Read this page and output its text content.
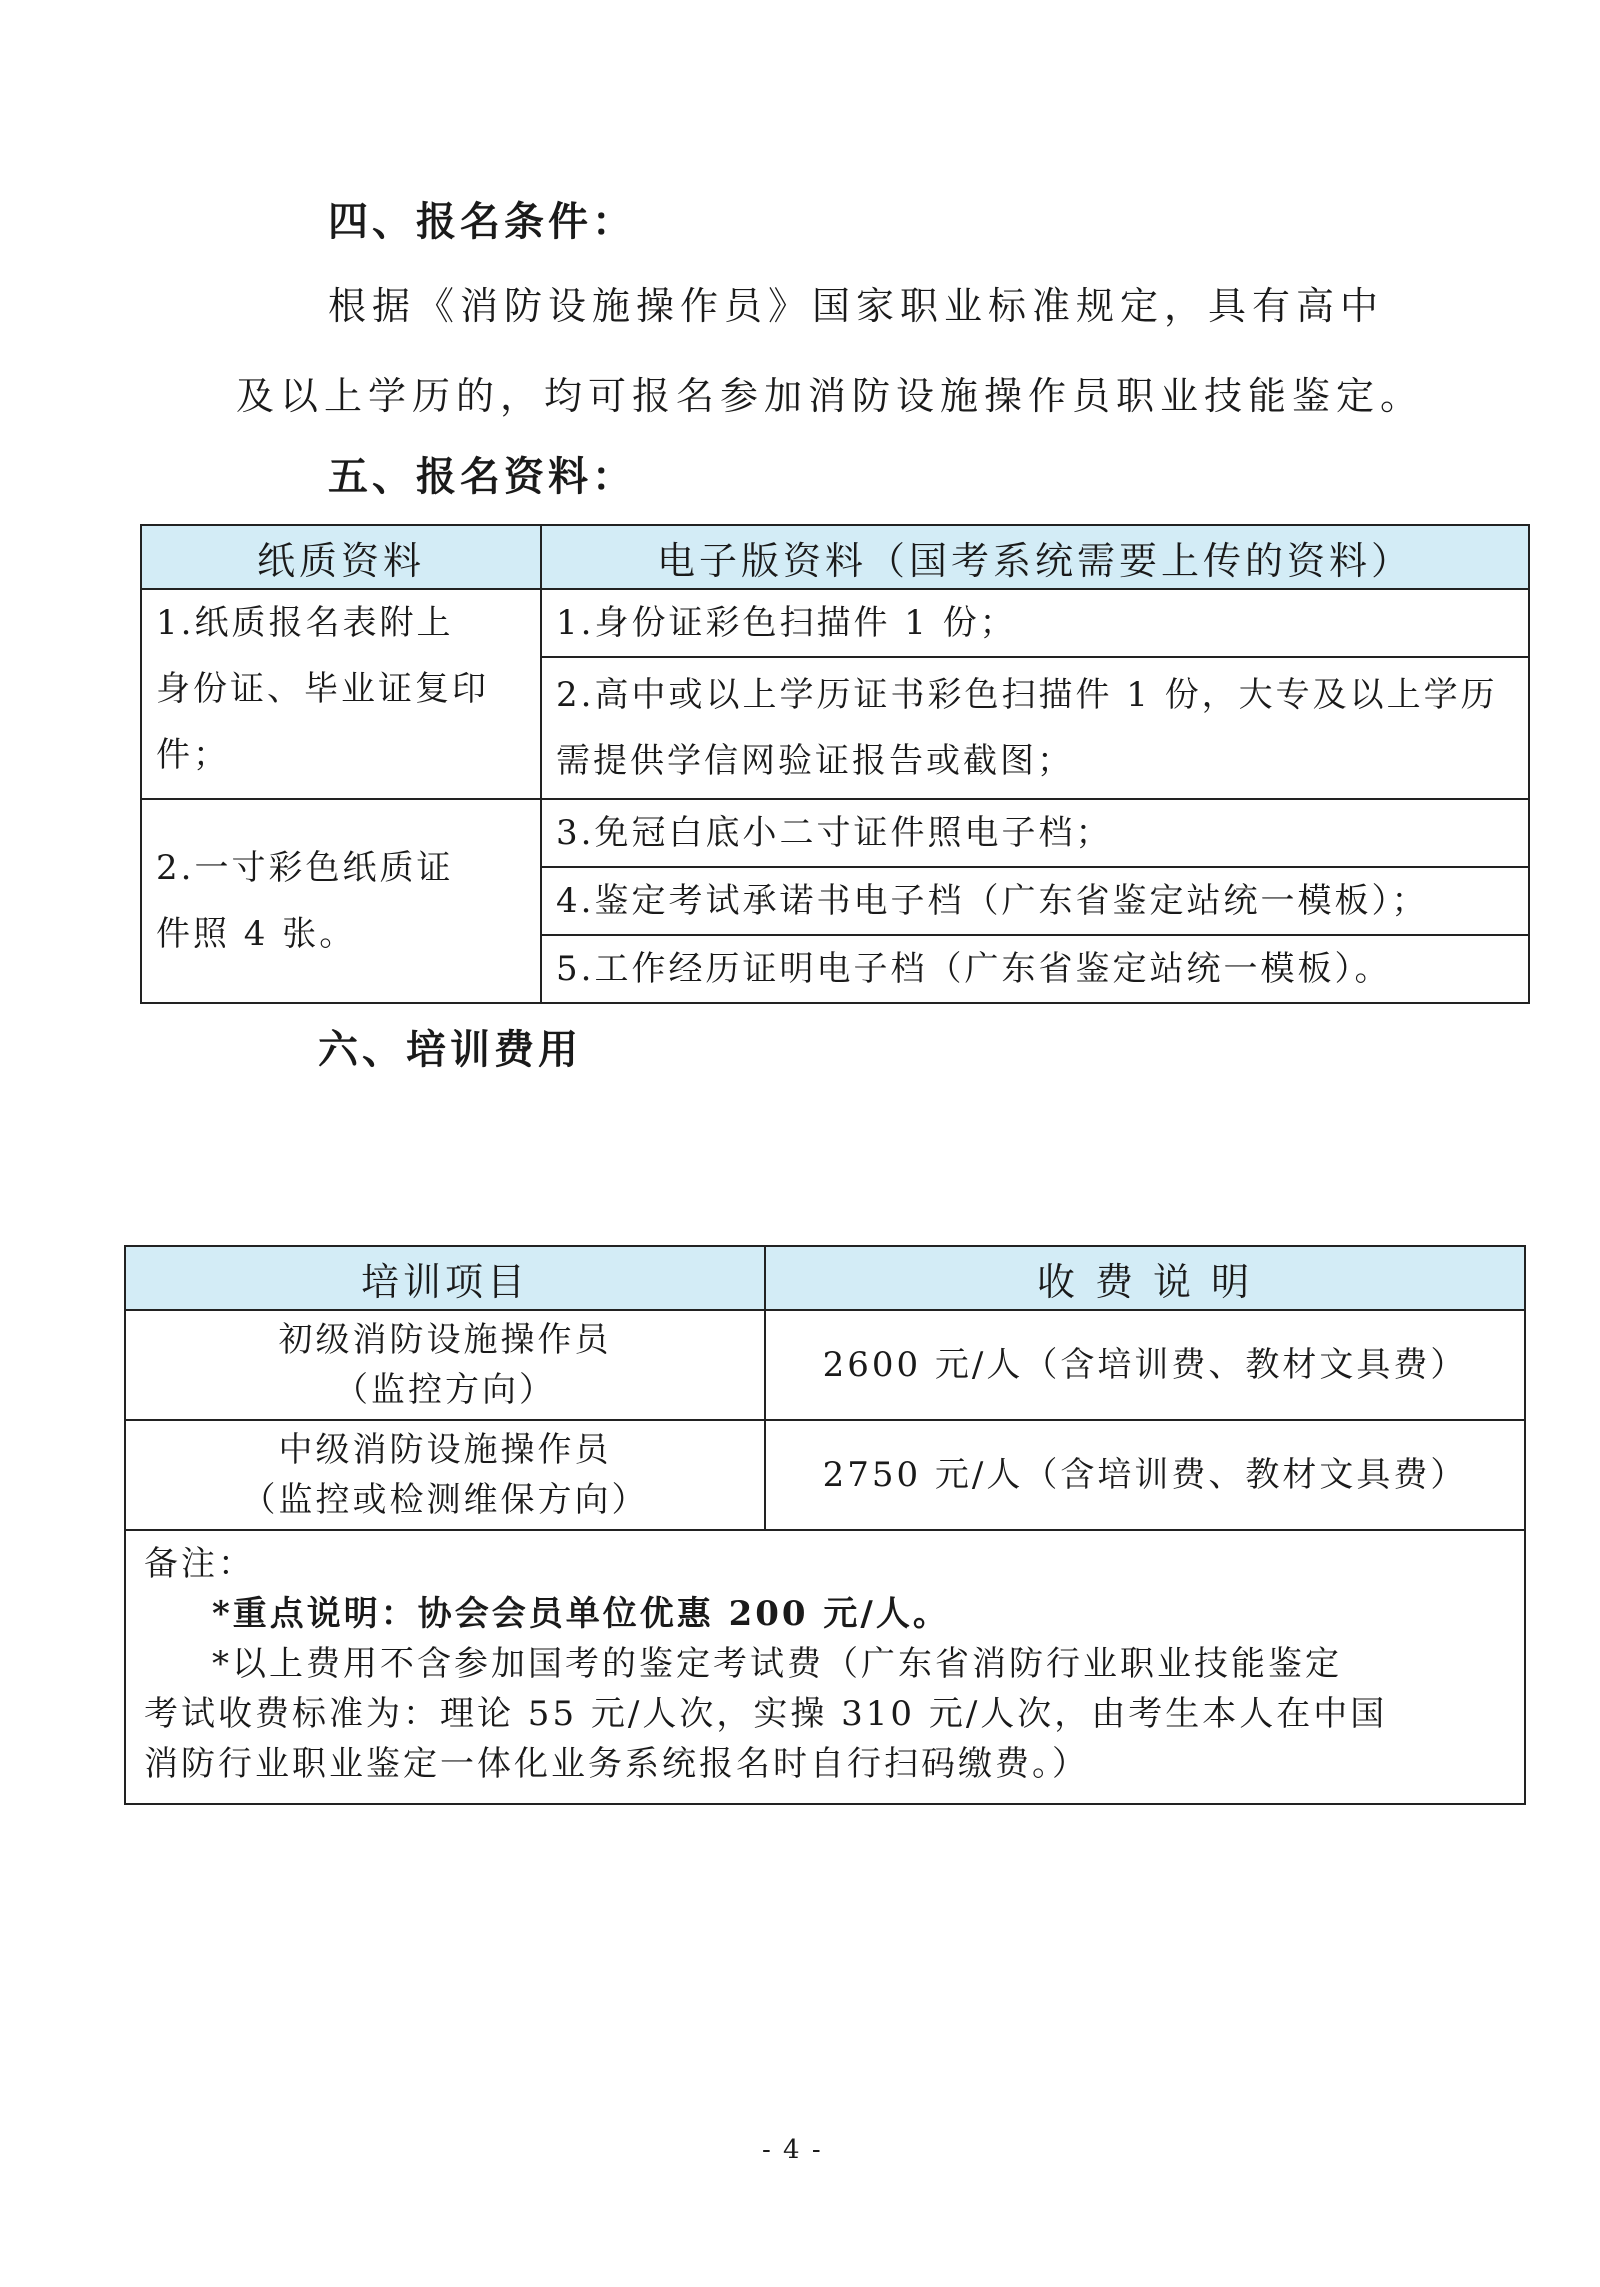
四、报名条件：
根据《消防设施操作员》国家职业标准规定，具有高中
及以上学历的，均可报名参加消防设施操作员职业技能鉴定。
五、报名资料：
纸质资料	电子版资料（国考系统需要上传的资料）

1.纸质报名表附上
身份证、毕业证复印
件；	1.身份证彩色扫描件 1 份；

	2.高中或以上学历证书彩色扫描件 1 份，大专及以上学历需提供学信网验证报告或截图；

2.一寸彩色纸质证
件照 4 张。	3.免冠白底小二寸证件照电子档；

	4.鉴定考试承诺书电子档（广东省鉴定站统一模板）；

	5.工作经历证明电子档（广东省鉴定站统一模板）。
六、培训费用
培训项目	收 费 说 明

初级消防设施操作员
（监控方向）	2600 元/人（含培训费、教材文具费）

中级消防设施操作员
（监控或检测维保方向）	2750 元/人（含培训费、教材文具费）

备注：
*重点说明：协会会员单位优惠 200 元/人。
*以上费用不含参加国考的鉴定考试费（广东省消防行业职业技能鉴定
考试收费标准为：理论 55 元/人次，实操 310 元/人次，由考生本人在中国
消防行业职业鉴定一体化业务系统报名时自行扫码缴费。）	
- 4 -
